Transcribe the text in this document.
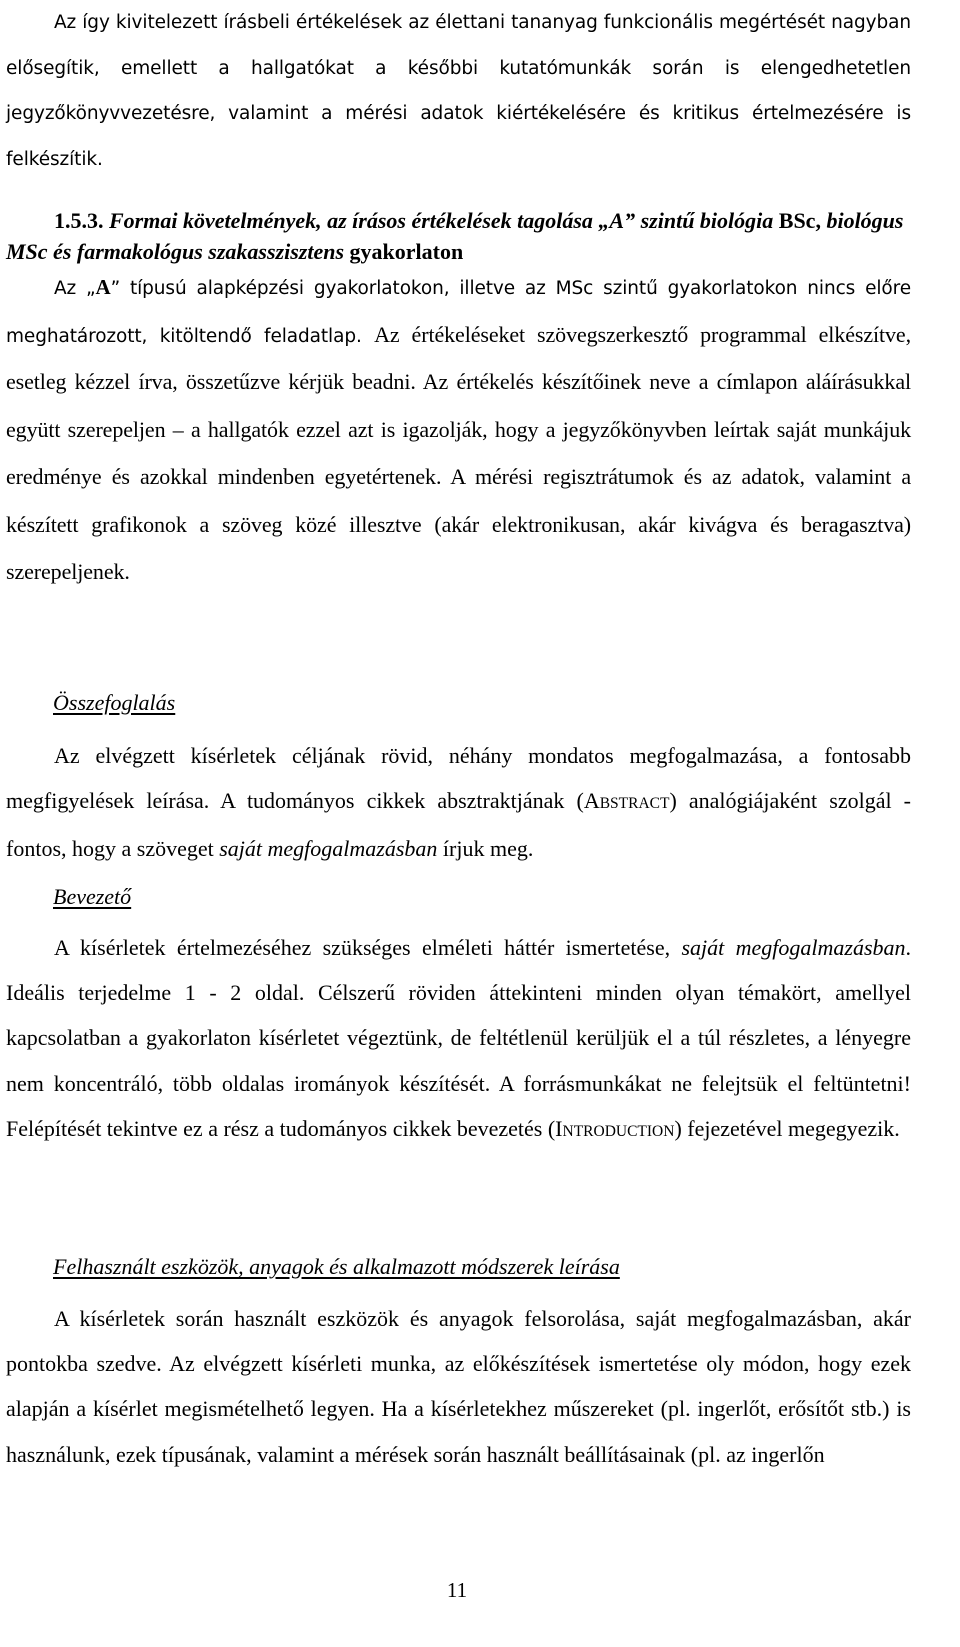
Az így kivitelezett írásbeli értékelések az élettani tananyag funkcionális megértését nagyban elősegítik, emellett a hallgatókat a későbbi kutatómunkák során is elengedhetetlen jegyzőkönyvvezetésre, valamint a mérési adatok kiértékelésére és kritikus értelmezésére is felkészítik.

1.5.3. Formai követelmények, az írásos értékelések tagolása „A” szintű biológia BSc, biológus MSc és farmakológus szakasszisztens gyakorlaton

Az „A” típusú alapképzési gyakorlatokon, illetve az MSc szintű gyakorlatokon nincs előre meghatározott, kitöltendő feladatlap. Az értékeléseket szövegszerkesztő programmal elkészítve, esetleg kézzel írva, összetűzve kérjük beadni. Az értékelés készítőinek neve a címlapon aláírásukkal együtt szerepeljen – a hallgatók ezzel azt is igazolják, hogy a jegyzőkönyvben leírtak saját munkájuk eredménye és azokkal mindenben egyetértenek. A mérési regisztrátumok és az adatok, valamint a készített grafikonok a szöveg közé illesztve (akár elektronikusan, akár kivágva és beragasztva) szerepeljenek.

Összefoglalás

Az elvégzett kísérletek céljának rövid, néhány mondatos megfogalmazása, a fontosabb megfigyelések leírása. A tudományos cikkek absztraktjának (ABSTRACT) analógiájaként szolgál - fontos, hogy a szöveget saját megfogalmazásban írjuk meg.

Bevezető

A kísérletek értelmezéséhez szükséges elméleti háttér ismertetése, saját megfogalmazásban. Ideális terjedelme 1 - 2 oldal. Célszerű röviden áttekinteni minden olyan témakört, amellyel kapcsolatban a gyakorlaton kísérletet végeztünk, de feltétlenül kerüljük el a túl részletes, a lényegre nem koncentráló, több oldalas irományok készítését. A forrásmunkákat ne felejtsük el feltüntetni! Felépítését tekintve ez a rész a tudományos cikkek bevezetés (INTRODUCTION) fejezetével megegyezik.

Felhasznált eszközök, anyagok és alkalmazott módszerek leírása

A kísérletek során használt eszközök és anyagok felsorolása, saját megfogalmazásban, akár pontokba szedve. Az elvégzett kísérleti munka, az előkészítések ismertetése oly módon, hogy ezek alapján a kísérlet megismételhető legyen. Ha a kísérletekhez műszereket (pl. ingerlőt, erősítőt stb.) is használunk, ezek típusának, valamint a mérések során használt beállításainak (pl. az ingerlőn

11
